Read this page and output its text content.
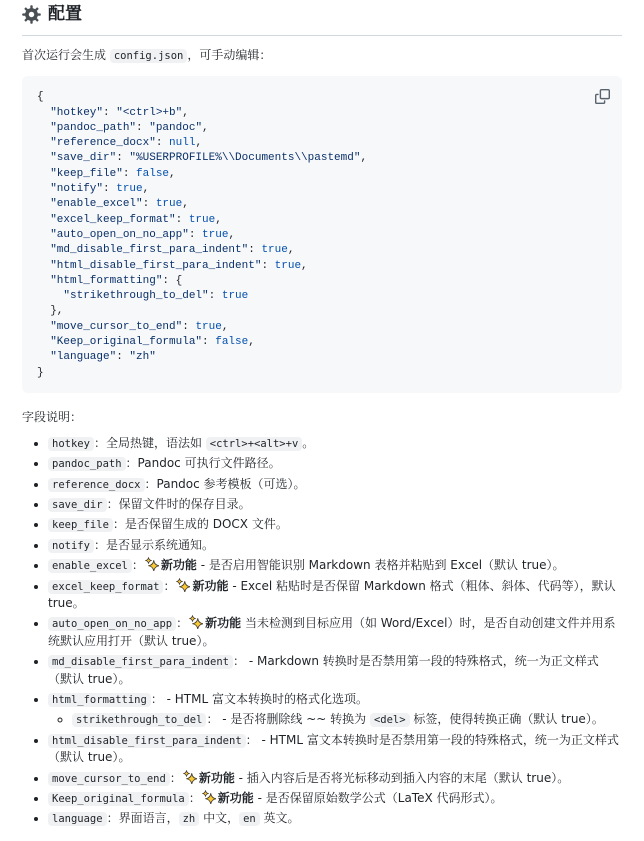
配置

首次运行会生成 config.json ，可手动编辑：

{
"hotkey": "<ctrl>+b",
"pandoc_path": "pandoc",
"reference_docx": null,
"save_dir": "%USERPROFILE%\\Documents\\pastemd",
"keep_file": false,
"notify": true,
"enable_excel": true,
"excel_keep_format": true,
"auto_open_on_no_app": true,
"md_disable_first_para_indent": true,
"html_disable_first_para_indent": true,
"html_formatting": {
"strikethrough_to_del": true
},
"move_cursor_to_end": true,
"Keep_original_formula": false,
"language": "zh"
}

字段说明：

• hotkey ：全局热键，语法如 <ctrl>+<alt>+v 。
• pandoc_path ：Pandoc 可执行文件路径。
• reference_docx ：Pandoc 参考模板（可选）。
• save_dir ：保留文件时的保存目录。
• keep_file ：是否保留生成的 DOCX 文件。
• notify ：是否显示系统通知。
• enable_excel ： 新功能 - 是否启用智能识别 Markdown 表格并粘贴到 Excel（默认 true）。
• excel_keep_format ： 新功能 - Excel 粘贴时是否保留 Markdown 格式（粗体、斜体、代码等），默认 true。
• auto_open_on_no_app ： 新功能 当未检测到目标应用（如 Word/Excel）时，是否自动创建文件并用系统默认应用打开（默认 true）。
• md_disable_first_para_indent ： - Markdown 转换时是否禁用第一段的特殊格式，统一为正文样式（默认 true）。
• html_formatting ： - HTML 富文本转换时的格式化选项。
◦ strikethrough_to_del ： - 是否将删除线 ~~ 转换为 <del> 标签，使得转换正确（默认 true）。
• html_disable_first_para_indent ： - HTML 富文本转换时是否禁用第一段的特殊格式，统一为正文样式（默认 true）。
• move_cursor_to_end ： 新功能 - 插入内容后是否将光标移动到插入内容的末尾（默认 true）。
• Keep_original_formula ： 新功能 - 是否保留原始数学公式（LaTeX 代码形式）。
• language ：界面语言， zh 中文， en 英文。
